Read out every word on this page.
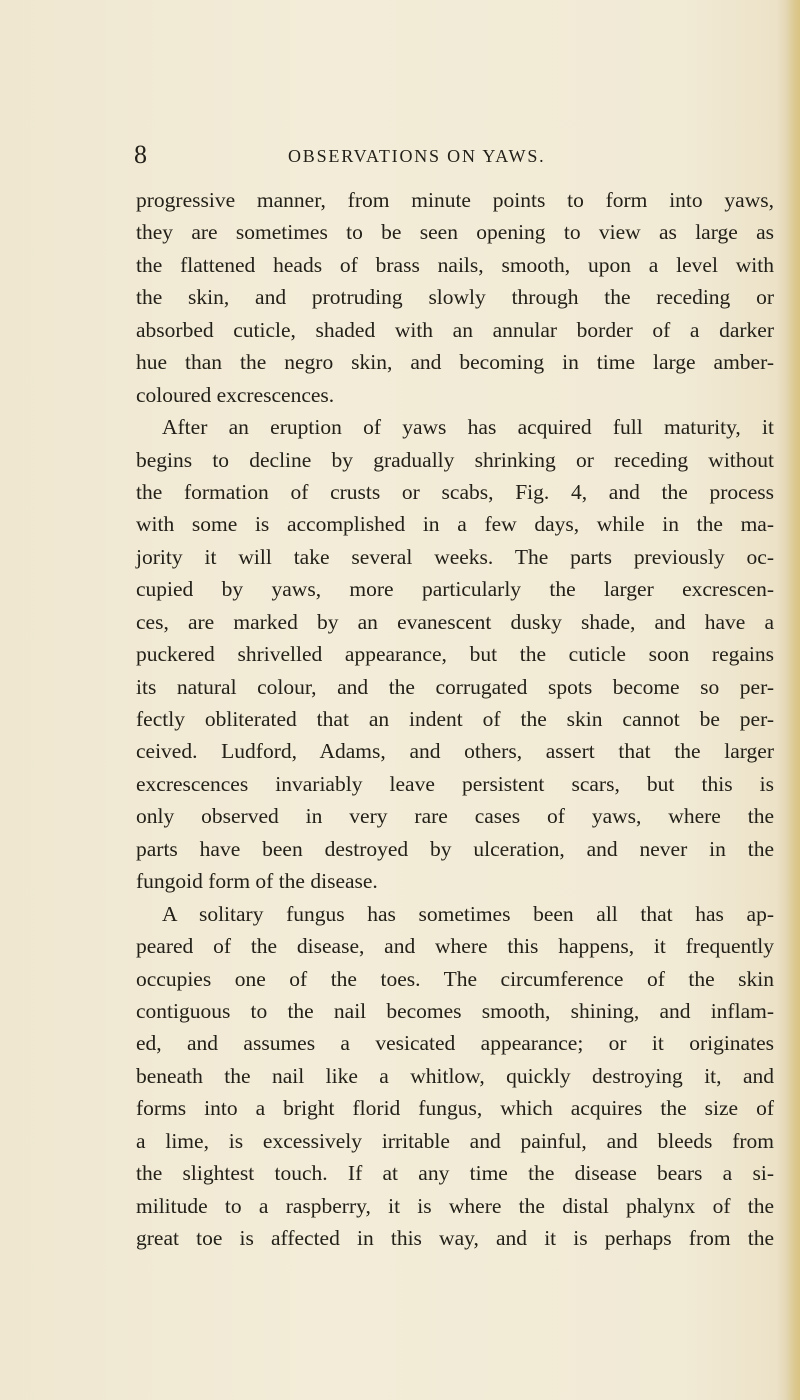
8	OBSERVATIONS ON YAWS.
progressive manner, from minute points to form into yaws,
they are sometimes to be seen opening to view as large as
the flattened heads of brass nails, smooth, upon a level with
the skin, and protruding slowly through the receding or
absorbed cuticle, shaded with an annular border of a darker
hue than the negro skin, and becoming in time large amber-
coloured excrescences.
After an eruption of yaws has acquired full maturity, it
begins to decline by gradually shrinking or receding without
the formation of crusts or scabs, Fig. 4, and the process
with some is accomplished in a few days, while in the ma-
jority it will take several weeks. The parts previously oc-
cupied by yaws, more particularly the larger excrescen-
ces, are marked by an evanescent dusky shade, and have a
puckered shrivelled appearance, but the cuticle soon regains
its natural colour, and the corrugated spots become so per-
fectly obliterated that an indent of the skin cannot be per-
ceived. Ludford, Adams, and others, assert that the larger
excrescences invariably leave persistent scars, but this is
only observed in very rare cases of yaws, where the
parts have been destroyed by ulceration, and never in the
fungoid form of the disease.
A solitary fungus has sometimes been all that has ap-
peared of the disease, and where this happens, it frequently
occupies one of the toes. The circumference of the skin
contiguous to the nail becomes smooth, shining, and inflam-
ed, and assumes a vesicated appearance; or it originates
beneath the nail like a whitlow, quickly destroying it, and
forms into a bright florid fungus, which acquires the size of
a lime, is excessively irritable and painful, and bleeds from
the slightest touch. If at any time the disease bears a si-
militude to a raspberry, it is where the distal phalynx of the
great toe is affected in this way, and it is perhaps from the
